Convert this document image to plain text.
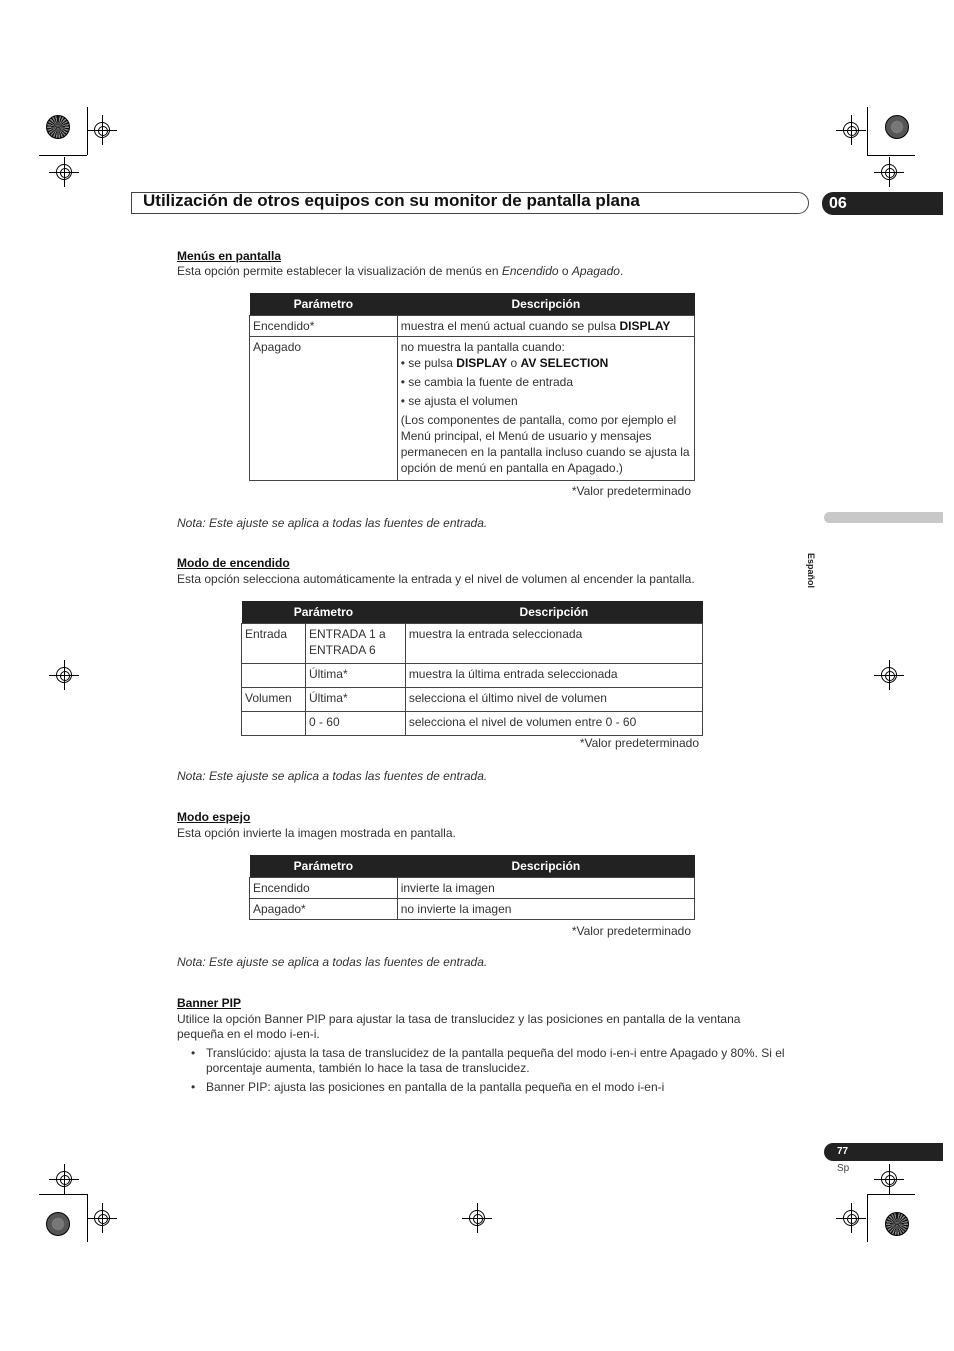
Utilización de otros equipos con su monitor de pantalla plana	06
Español
Menús en pantalla
Esta opción permite establecer la visualización de menús en Encendido o Apagado.
Parámetro	Descripción
Encendido*	muestra el menú actual cuando se pulsa DISPLAY
Apagado	no muestra la pantalla cuando:
• se pulsa DISPLAY o AV SELECTION
• se cambia la fuente de entrada
• se ajusta el volumen
(Los componentes de pantalla, como por ejemplo el Menú principal, el Menú de usuario y mensajes permanecen en la pantalla incluso cuando se ajusta la opción de menú en pantalla en Apagado.)
*Valor predeterminado
Nota: Este ajuste se aplica a todas las fuentes de entrada.
Modo de encendido
Esta opción selecciona automáticamente la entrada y el nivel de volumen al encender la pantalla.
Parámetro		Descripción
Entrada	ENTRADA 1 a ENTRADA 6	muestra la entrada seleccionada
	Última*	muestra la última entrada seleccionada
Volumen	Última*	selecciona el último nivel de volumen
	0 - 60	selecciona el nivel de volumen entre 0 - 60
*Valor predeterminado
Nota: Este ajuste se aplica a todas las fuentes de entrada.
Modo espejo
Esta opción invierte la imagen mostrada en pantalla.
Parámetro	Descripción
Encendido	invierte la imagen
Apagado*	no invierte la imagen
*Valor predeterminado
Nota: Este ajuste se aplica a todas las fuentes de entrada.
Banner PIP
Utilice la opción Banner PIP para ajustar la tasa de translucidez y las posiciones en pantalla de la ventana pequeña en el modo i-en-i.
• Translúcido: ajusta la tasa de translucidez de la pantalla pequeña del modo i-en-i entre Apagado y 80%. Si el porcentaje aumenta, también lo hace la tasa de translucidez.
• Banner PIP: ajusta las posiciones en pantalla de la pantalla pequeña en el modo i-en-i
77
Sp
